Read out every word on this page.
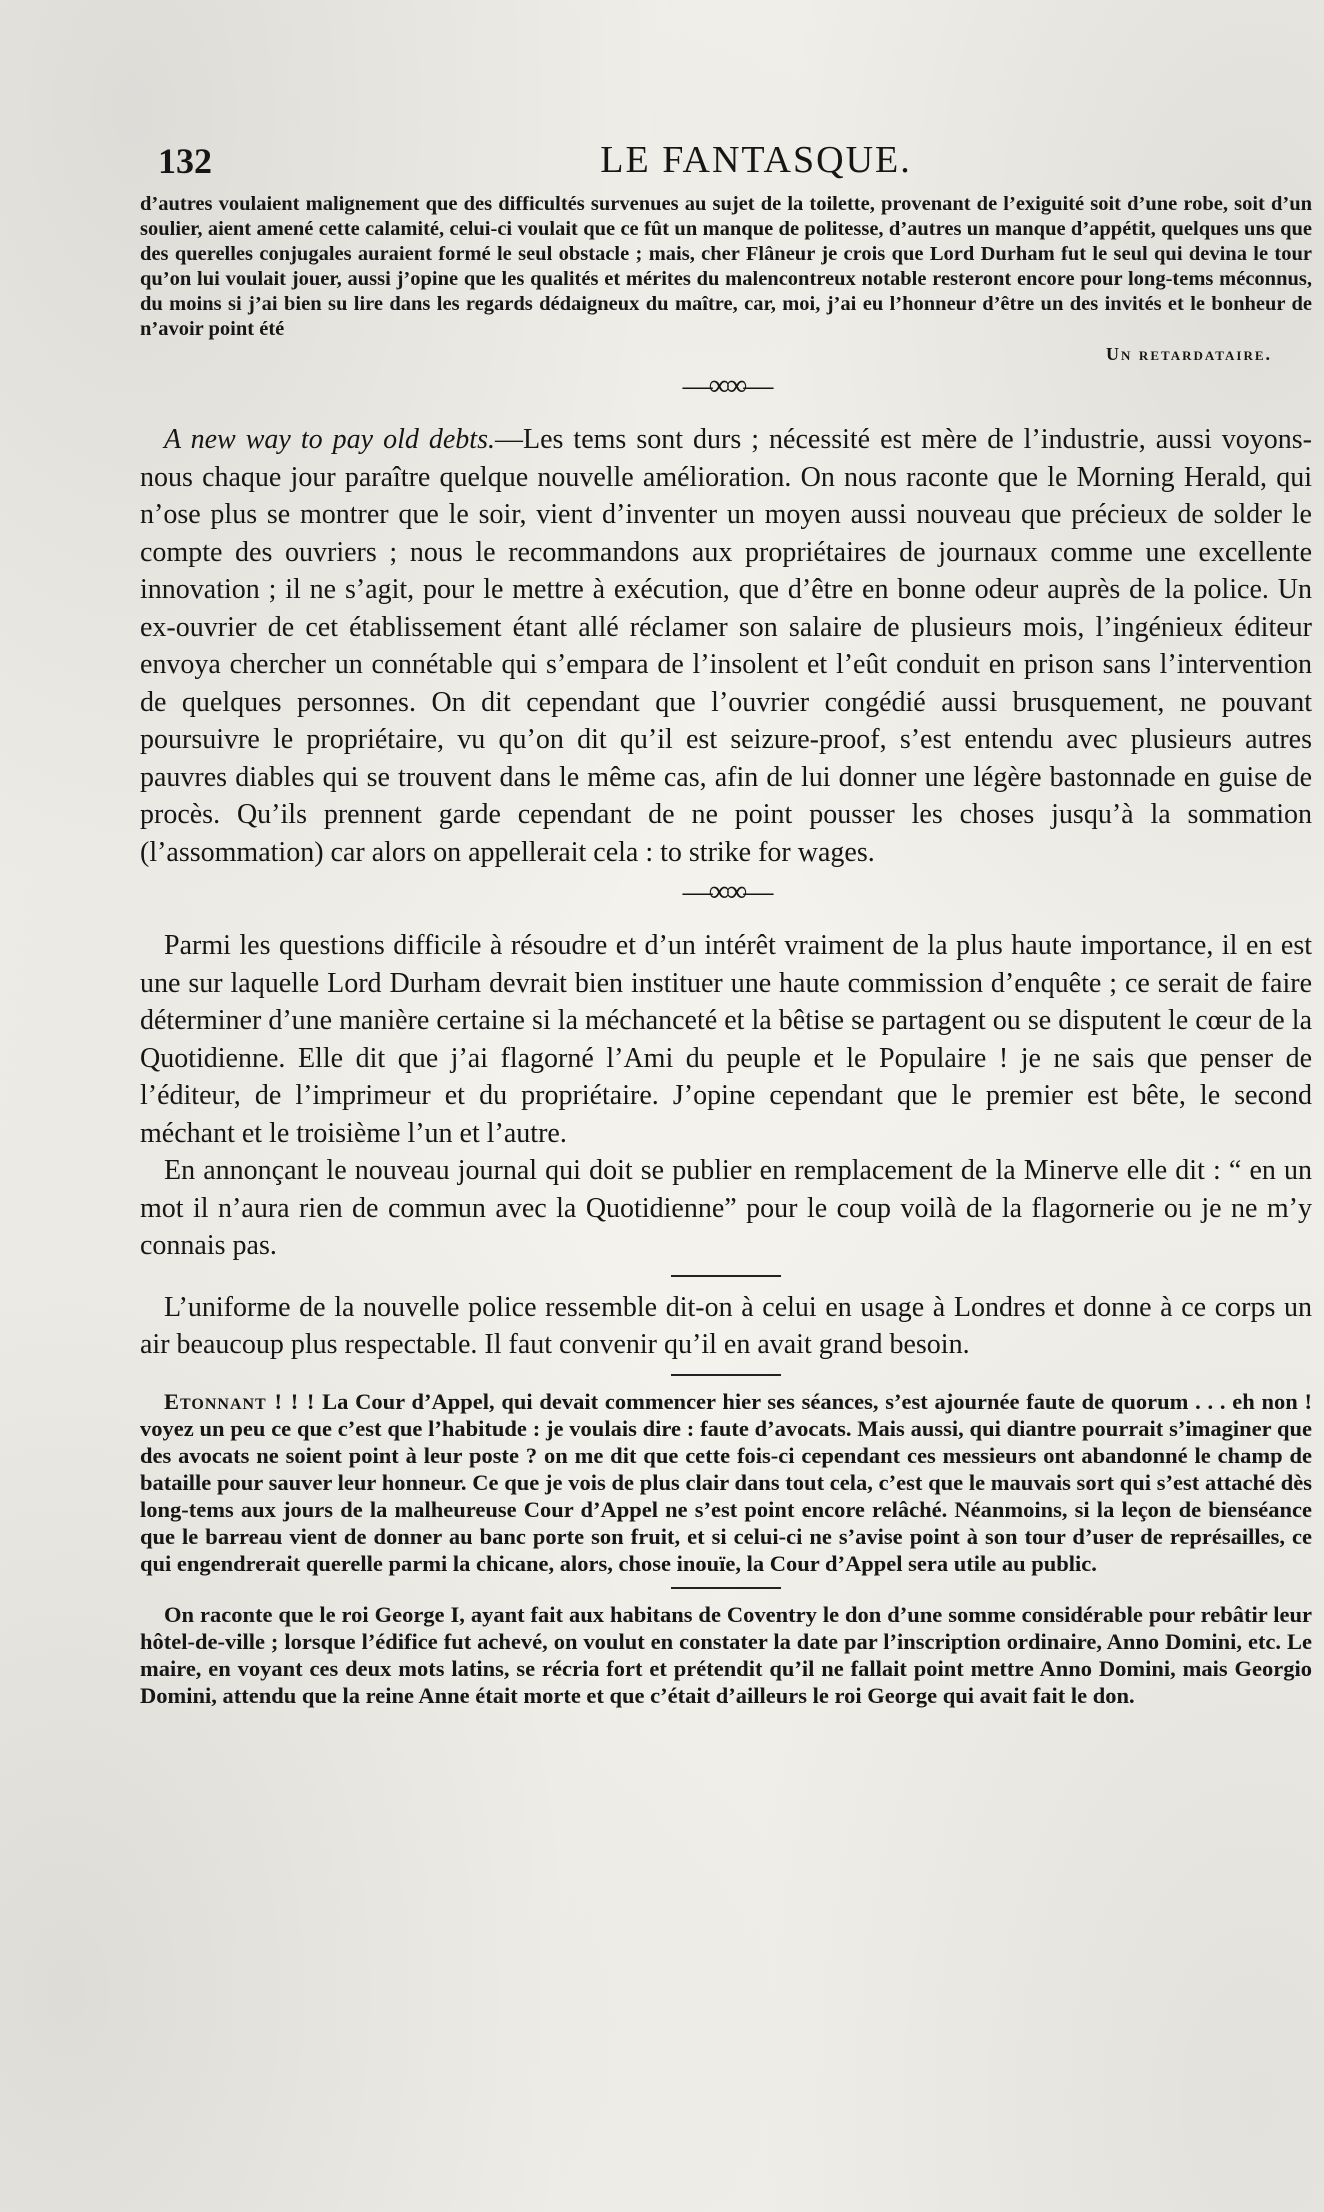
132	LE FANTASQUE.

d’autres voulaient malignement que des difficultés survenues au sujet de la toilette, provenant de l’exiguité soit d’une robe, soit d’un soulier, aient amené cette calamité, celui-ci voulait que ce fût un manque de politesse, d’autres un manque d’appétit, quelques uns que des querelles conjugales auraient formé le seul obstacle ; mais, cher Flâneur je crois que Lord Durham fut le seul qui devina le tour qu’on lui voulait jouer, aussi j’opine que les qualités et mérites du malencontreux notable resteront encore pour long-tems méconnus, du moins si j’ai bien su lire dans les regards dédaigneux du maître, car, moi, j’ai eu l’honneur d’être un des invités et le bonheur de n’avoir point été

Un retardataire.
—∞∞—

A new way to pay old debts.—Les tems sont durs ; nécessité est mère de l’industrie, aussi voyons-nous chaque jour paraître quelque nouvelle amélioration. On nous raconte que le Morning Herald, qui n’ose plus se montrer que le soir, vient d’inventer un moyen aussi nouveau que précieux de solder le compte des ouvriers ; nous le recommandons aux propriétaires de journaux comme une excellente innovation ; il ne s’agit, pour le mettre à exécution, que d’être en bonne odeur auprès de la police. Un ex-ouvrier de cet établissement étant allé réclamer son salaire de plusieurs mois, l’ingénieux éditeur envoya chercher un connétable qui s’empara de l’insolent et l’eût conduit en prison sans l’intervention de quelques personnes. On dit cependant que l’ouvrier congédié aussi brusquement, ne pouvant poursuivre le propriétaire, vu qu’on dit qu’il est seizure-proof, s’est entendu avec plusieurs autres pauvres diables qui se trouvent dans le même cas, afin de lui donner une légère bastonnade en guise de procès. Qu’ils prennent garde cependant de ne point pousser les choses jusqu’à la sommation (l’assommation) car alors on appellerait cela : to strike for wages.

—∞∞—

Parmi les questions difficile à résoudre et d’un intérêt vraiment de la plus haute importance, il en est une sur laquelle Lord Durham devrait bien instituer une haute commission d’enquête ; ce serait de faire déterminer d’une manière certaine si la méchanceté et la bêtise se partagent ou se disputent le cœur de la Quotidienne. Elle dit que j’ai flagorné l’Ami du peuple et le Populaire ! je ne sais que penser de l’éditeur, de l’imprimeur et du propriétaire. J’opine cependant que le premier est bête, le second méchant et le troisième l’un et l’autre.

En annonçant le nouveau journal qui doit se publier en remplacement de la Minerve elle dit : “ en un mot il n’aura rien de commun avec la Quotidienne” pour le coup voilà de la flagornerie ou je ne m’y connais pas.

L’uniforme de la nouvelle police ressemble dit-on à celui en usage à Londres et donne à ce corps un air beaucoup plus respectable. Il faut convenir qu’il en avait grand besoin.

Etonnant ! ! ! La Cour d’Appel, qui devait commencer hier ses séances, s’est ajournée faute de quorum . . . eh non ! voyez un peu ce que c’est que l’habitude : je voulais dire : faute d’avocats. Mais aussi, qui diantre pourrait s’imaginer que des avocats ne soient point à leur poste ? on me dit que cette fois-ci cependant ces messieurs ont abandonné le champ de bataille pour sauver leur honneur. Ce que je vois de plus clair dans tout cela, c’est que le mauvais sort qui s’est attaché dès long-tems aux jours de la malheureuse Cour d’Appel ne s’est point encore relâché. Néanmoins, si la leçon de bienséance que le barreau vient de donner au banc porte son fruit, et si celui-ci ne s’avise point à son tour d’user de représailles, ce qui engendrerait querelle parmi la chicane, alors, chose inouïe, la Cour d’Appel sera utile au public.

On raconte que le roi George I, ayant fait aux habitans de Coventry le don d’une somme considérable pour rebâtir leur hôtel-de-ville ; lorsque l’édifice fut achevé, on voulut en constater la date par l’inscription ordinaire, Anno Domini, etc. Le maire, en voyant ces deux mots latins, se récria fort et prétendit qu’il ne fallait point mettre Anno Domini, mais Georgio Domini, attendu que la reine Anne était morte et que c’était d’ailleurs le roi George qui avait fait le don.
